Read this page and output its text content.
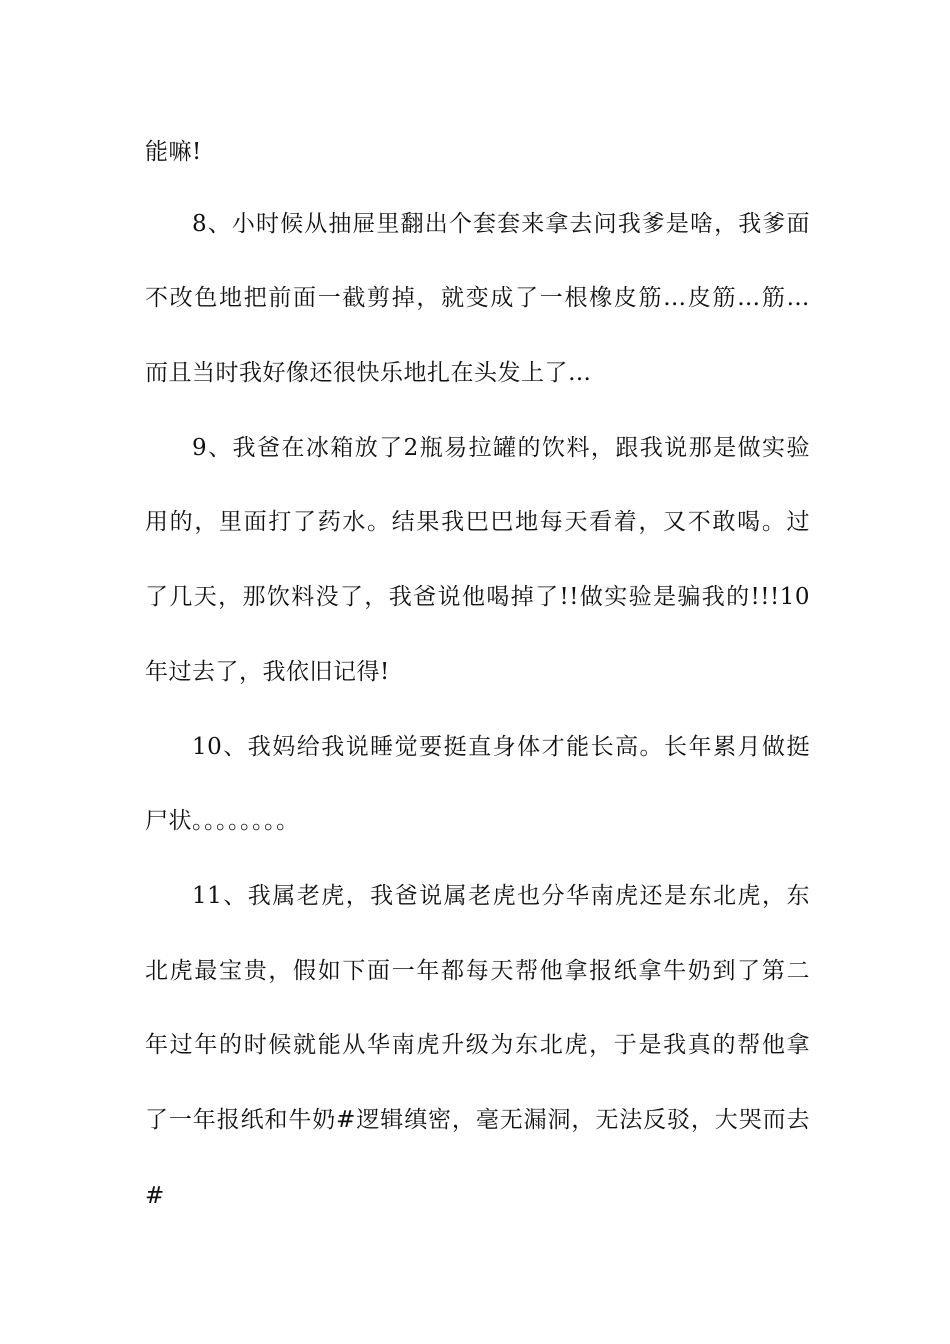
能嘛!
8、小时候从抽屉里翻出个套套来拿去问我爹是啥，我爹面
不改色地把前面一截剪掉，就变成了一根橡皮筋…皮筋…筋…
而且当时我好像还很快乐地扎在头发上了…
9、我爸在冰箱放了2瓶易拉罐的饮料，跟我说那是做实验
用的，里面打了药水。结果我巴巴地每天看着，又不敢喝。过
了几天，那饮料没了，我爸说他喝掉了!!做实验是骗我的!!!10
年过去了，我依旧记得!
10、我妈给我说睡觉要挺直身体才能长高。长年累月做挺
尸状。。。。。。。。
11、我属老虎，我爸说属老虎也分华南虎还是东北虎，东
北虎最宝贵，假如下面一年都每天帮他拿报纸拿牛奶到了第二
年过年的时候就能从华南虎升级为东北虎，于是我真的帮他拿
了一年报纸和牛奶#逻辑缜密，毫无漏洞，无法反驳，大哭而去
#
